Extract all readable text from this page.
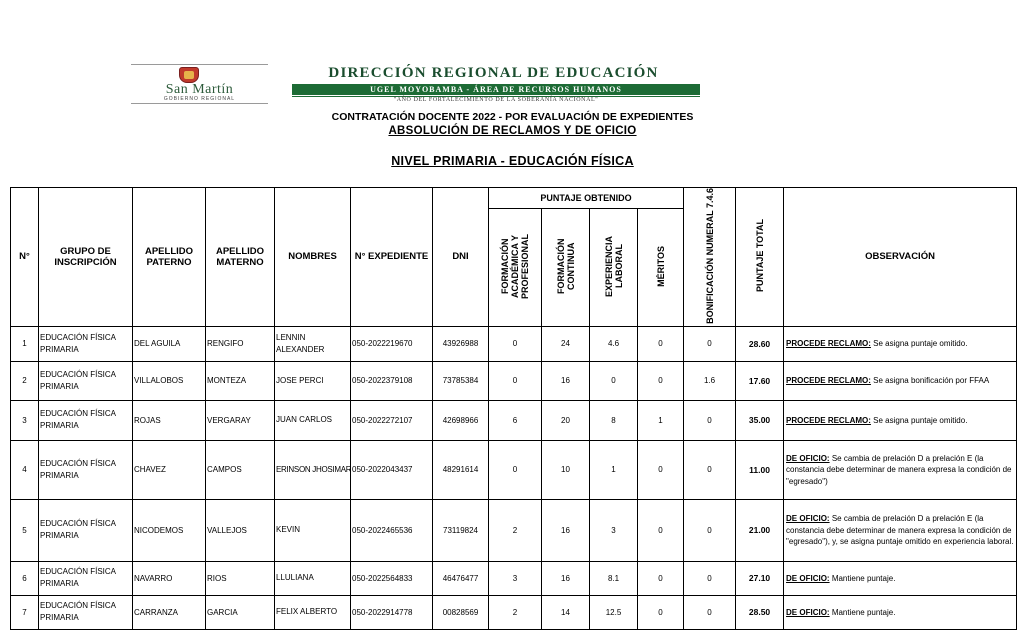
San Martín
GOBIERNO REGIONAL
DIRECCIÓN REGIONAL DE EDUCACIÓN
UGEL MOYOBAMBA - ÁREA DE RECURSOS HUMANOS
"AÑO DEL FORTALECIMIENTO DE LA SOBERANÍA NACIONAL"
CONTRATACIÓN DOCENTE 2022 - POR EVALUACIÓN DE EXPEDIENTES
ABSOLUCIÓN DE RECLAMOS Y DE OFICIO
NIVEL PRIMARIA - EDUCACIÓN FÍSICA
N°	GRUPO DE INSCRIPCIÓN	APELLIDO PATERNO	APELLIDO MATERNO	NOMBRES	N° EXPEDIENTE	DNI	PUNTAJE OBTENIDO				BONIFICACIÓN NUMERAL 7.4.6	PUNTAJE TOTAL	OBSERVACIÓN
							FORMACIÓN ACADÉMICA Y PROFESIONAL	FORMACIÓN CONTINUA	EXPERIENCIA LABORAL	MÉRITOS			
1	EDUCACIÓN FÍSICA PRIMARIA	DEL AGUILA	RENGIFO	LENNIN ALEXANDER	050-2022219670	43926988	0	24	4.6	0	0	28.60	PROCEDE RECLAMO: Se asigna puntaje omitido.
2	EDUCACIÓN FÍSICA PRIMARIA	VILLALOBOS	MONTEZA	JOSE PERCI	050-2022379108	73785384	0	16	0	0	1.6	17.60	PROCEDE RECLAMO: Se asigna bonificación por FFAA
3	EDUCACIÓN FÍSICA PRIMARIA	ROJAS	VERGARAY	JUAN CARLOS	050-2022272107	42698966	6	20	8	1	0	35.00	PROCEDE RECLAMO: Se asigna puntaje omitido.
4	EDUCACIÓN FÍSICA PRIMARIA	CHAVEZ	CAMPOS	ERINSON JHOSIMAR	050-2022043437	48291614	0	10	1	0	0	11.00	DE OFICIO: Se cambia de prelación D a prelación E (la constancia debe determinar de manera expresa la condición de "egresado")
5	EDUCACIÓN FÍSICA PRIMARIA	NICODEMOS	VALLEJOS	KEVIN	050-2022465536	73119824	2	16	3	0	0	21.00	DE OFICIO: Se cambia de prelación D a prelación E (la constancia debe determinar de manera expresa la condición de "egresado"), y, se asigna puntaje omitido en experiencia laboral.
6	EDUCACIÓN FÍSICA PRIMARIA	NAVARRO	RIOS	LLULIANA	050-2022564833	46476477	3	16	8.1	0	0	27.10	DE OFICIO: Mantiene puntaje.
7	EDUCACIÓN FÍSICA PRIMARIA	CARRANZA	GARCIA	FELIX ALBERTO	050-2022914778	00828569	2	14	12.5	0	0	28.50	DE OFICIO: Mantiene puntaje.
